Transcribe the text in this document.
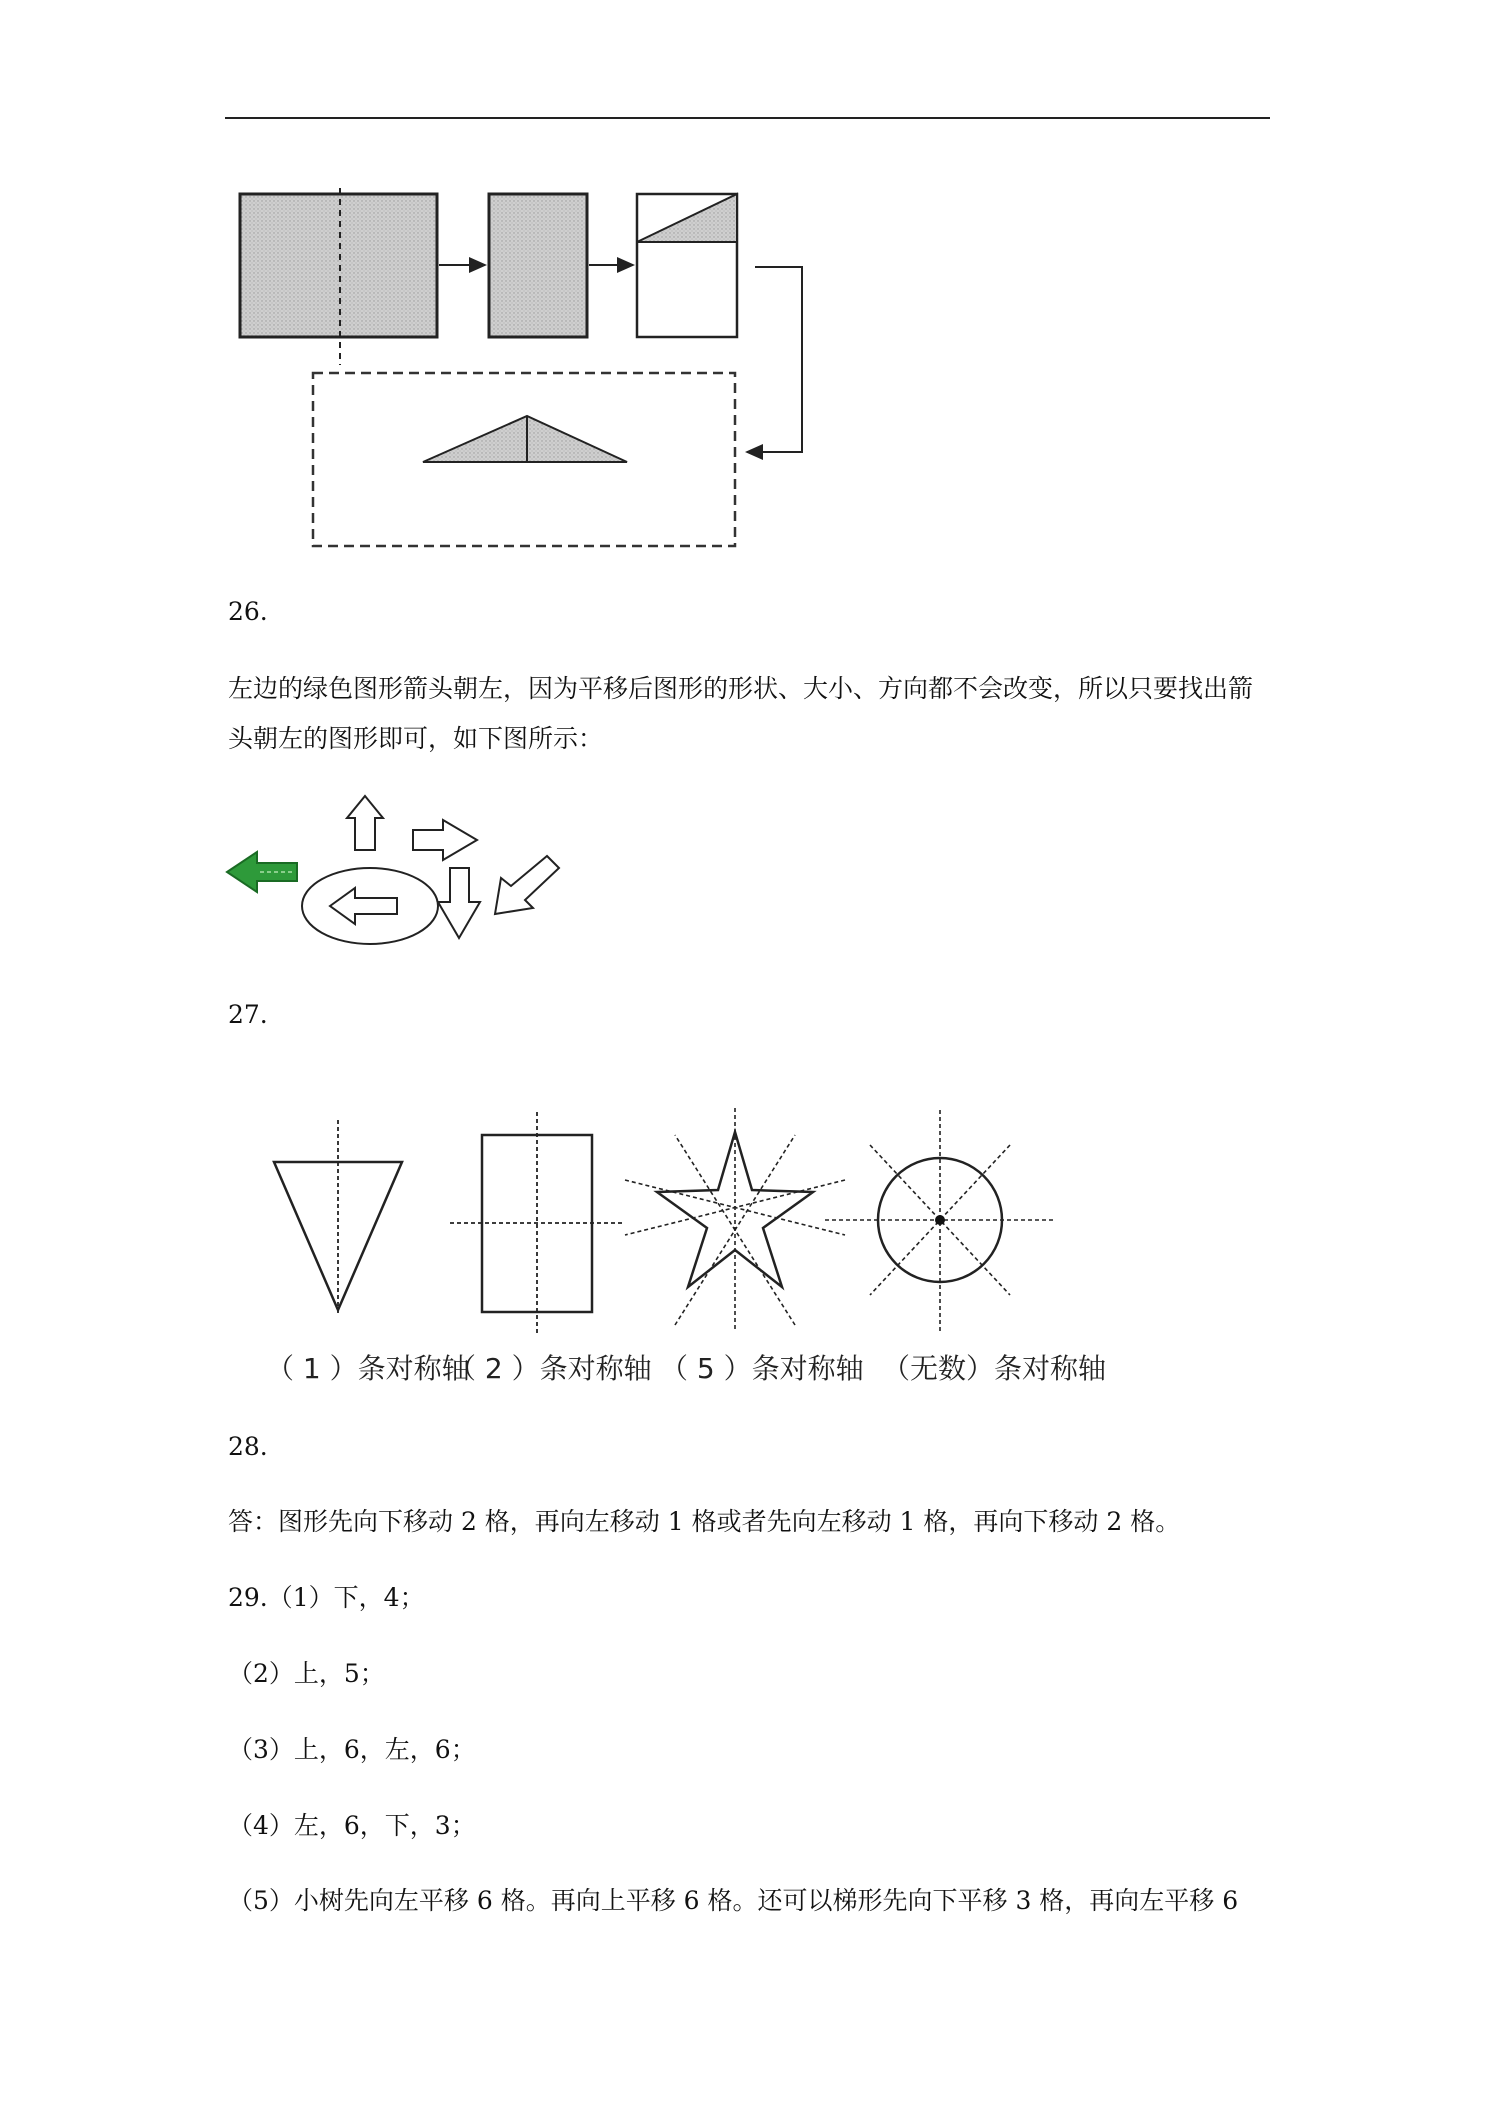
26.
左边的绿色图形箭头朝左，因为平移后图形的形状、大小、方向都不会改变，所以只要找出箭头朝左的图形即可，如下图所示：
27.
（ 1 ）条对称轴
（ 2 ）条对称轴 （ 5 ）条对称轴 （无数）条对称轴
28.
答：图形先向下移动 2 格，再向左移动 1 格或者先向左移动 1 格，再向下移动 2 格。
29.（1）下，4；
（2）上，5；
（3）上，6，左，6；
（4）左，6，下，3；
（5）小树先向左平移 6 格。再向上平移 6 格。还可以梯形先向下平移 3 格，再向左平移 6
